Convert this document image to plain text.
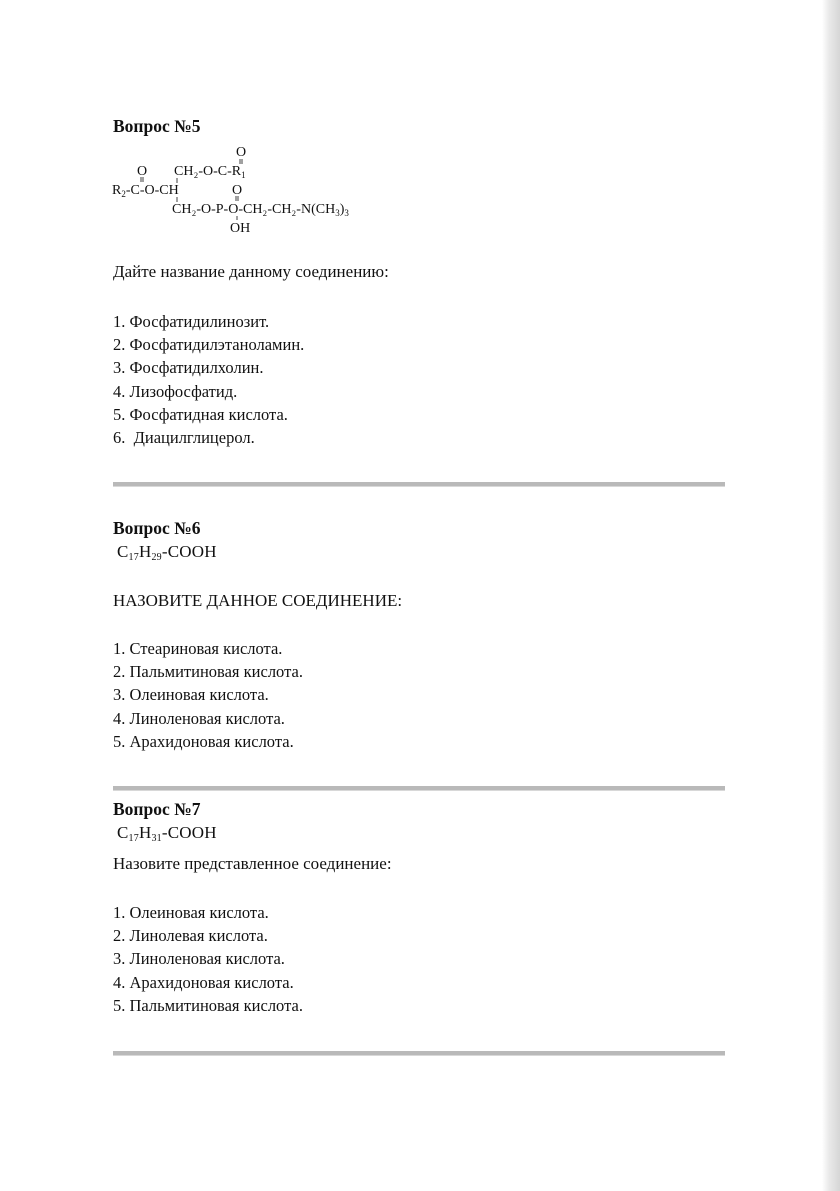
Вопрос №5
O
CH₂-$O-C-R_1$
O
$R_2-C-O-CH$	O
CH₂-$O-P-O-CH_2-CH_2-N(CH_3)_3$
OH
Дайте название данному соединению:
1. Фосфатидилинозит.
2. Фосфатидилэтаноламин.
3. Фосфатидилхолин.
4. Лизофосфатид.
5. Фосфатидная кислота.
6.  Диацилглицерол.
Вопрос №6
$C_{17}H_{29}$-COOH
НАЗОВИТЕ ДАННОЕ СОЕДИНЕНИЕ:
1. Стеариновая кислота.
2. Пальмитиновая кислота.
3. Олеиновая кислота.
4. Линоленовая кислота.
5. Арахидоновая кислота.
Вопрос №7
$C_{17}H_{31}$-COOH
Назовите представленное соединение:
1. Олеиновая кислота.
2. Линолевая кислота.
3. Линоленовая кислота.
4. Арахидоновая кислота.
5. Пальмитиновая кислота.
